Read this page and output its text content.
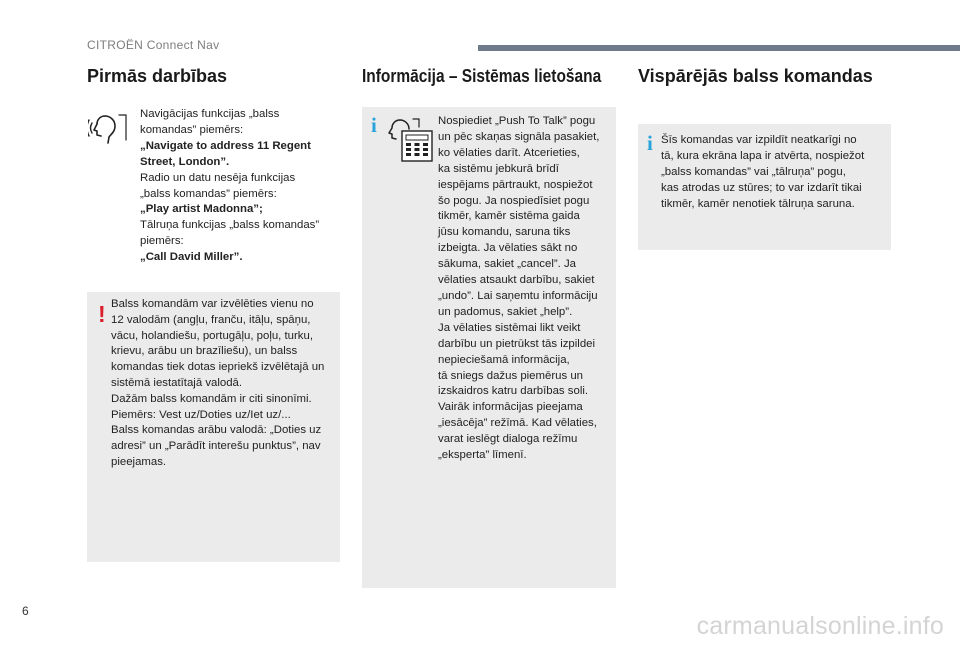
CITROËN Connect Nav
Pirmās darbības
Navigācijas funkcijas „balss
komandas” piemērs:
„Navigate to address 11 Regent
Street, London”.
Radio un datu nesēja funkcijas
„balss komandas” piemērs:
„Play artist Madonna”;
Tālruņa funkcijas „balss komandas”
piemērs:
„Call David Miller”.
! Balss komandām var izvēlēties vienu no
12 valodām (angļu, franču, itāļu, spāņu,
vācu, holandiešu, portugāļu, poļu, turku,
krievu, arābu un brazīliešu), un balss
komandas tiek dotas iepriekš izvēlētajā un
sistēmā iestatītajā valodā.
Dažām balss komandām ir citi sinonīmi.
Piemērs: Vest uz/Doties uz/Iet uz/...
Balss komandas arābu valodā: „Doties uz
adresi” un „Parādīt interešu punktus”, nav
pieejamas.
Informācija – Sistēmas lietošana
i	Nospiediet „Push To Talk” pogu
un pēc skaņas signāla pasakiet,
ko vēlaties darīt. Atcerieties,
ka sistēmu jebkurā brīdī
iespējams pārtraukt, nospiežot
šo pogu. Ja nospiedīsiet pogu
tikmēr, kamēr sistēma gaida
jūsu komandu, saruna tiks
izbeigta. Ja vēlaties sākt no
sākuma, sakiet „cancel”. Ja
vēlaties atsaukt darbību, sakiet
„undo”. Lai saņemtu informāciju
un padomus, sakiet „help”.
Ja vēlaties sistēmai likt veikt
darbību un pietrūkst tās izpildei
nepieciešamā informācija,
tā sniegs dažus piemērus un
izskaidros katru darbības soli.
Vairāk informācijas pieejama
„iesācēja” režīmā. Kad vēlaties,
varat ieslēgt dialoga režīmu
„eksperta” līmenī.
Vispārējās balss komandas
i Šīs komandas var izpildīt neatkarīgi no
tā, kura ekrāna lapa ir atvērta, nospiežot
„balss komandas” vai „tālruņa” pogu,
kas atrodas uz stūres; to var izdarīt tikai
tikmēr, kamēr nenotiek tālruņa saruna.
6
carmanualsonline.info
